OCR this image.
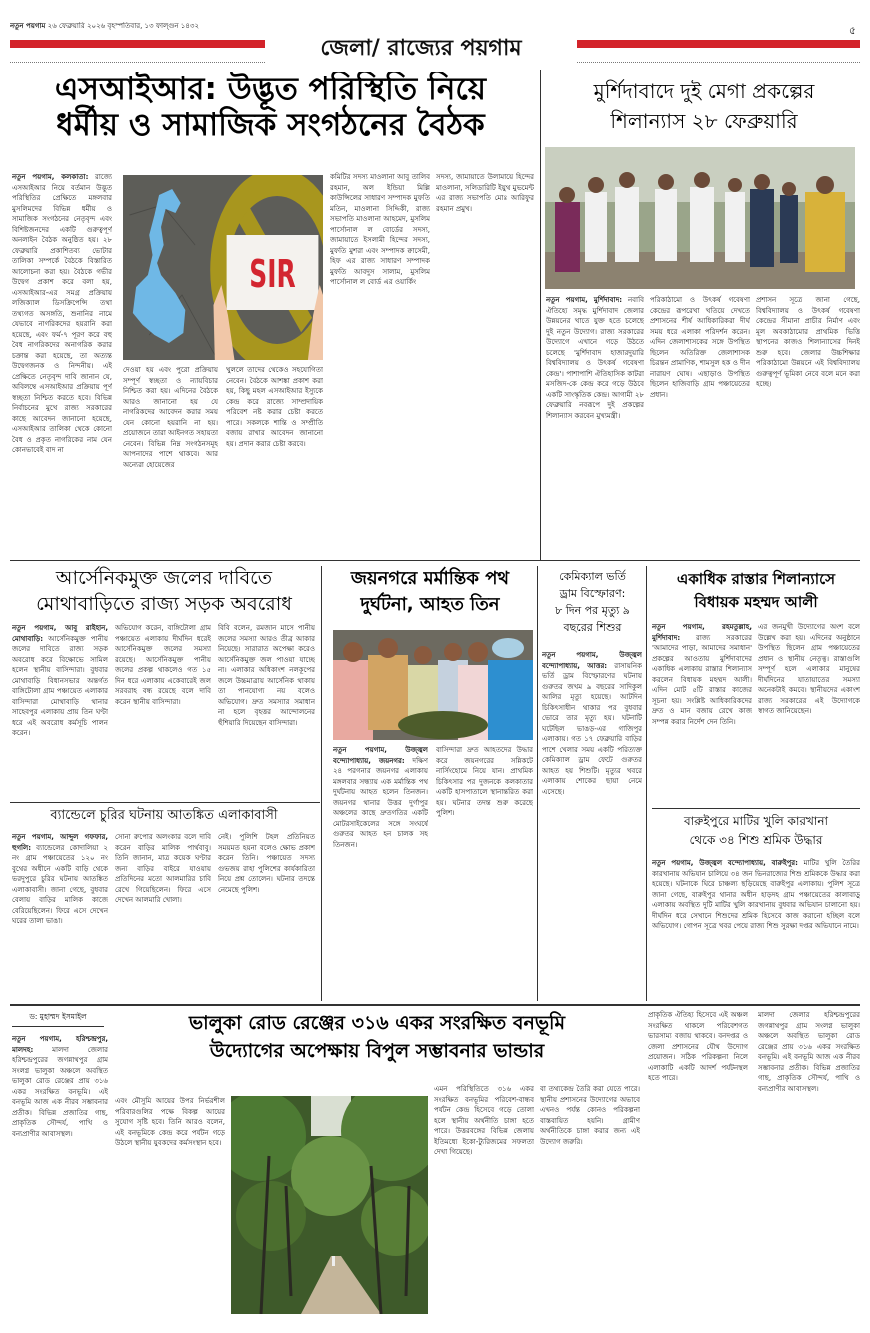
নতুন পয়গাম ২৬ ফেব্রুয়ারি ২০২৬ বৃহস্পতিবার, ১৩ ফাল্গুন ১৪৩২	৫
জেলা/ রাজ্যের পয়গাম
এসআইআর: উদ্ভূত পরিস্থিতি নিয়ে
ধর্মীয় ও সামাজিক সংগঠনের বৈঠক
নতুন পয়গাম, কলকাতা: রাজ্যে এসআইআর নিয়ে বর্তমান উদ্ভূত পরিস্থিতির প্রেক্ষিতে মঙ্গলবার মুসলিমদের বিভিন্ন ধর্মীয় ও সামাজিক সংগঠনের নেতৃবৃন্দ এবং বিশিষ্টজনদের একটি গুরুত্বপূর্ণ অনলাইন বৈঠক অনুষ্ঠিত হয়। ২৮ ফেব্রুয়ারি প্রকাশিতব্য ভোটার তালিকা সম্পর্কে বৈঠকে বিস্তারিত আলোচনা করা হয়। বৈঠকে গভীর উদ্বেগ প্রকাশ করে বলা হয়, এসআইআর-এর সমগ্র প্রক্রিয়ায় লজিক্যাল ডিসক্রিপেন্সি তথা তথ্যগত অসঙ্গতি, শুনানির নামে যেভাবে নাগরিকদের হয়রানি করা হয়েছে, এবং ফর্ম-৭ পূরণ করে বহু বৈধ নাগরিকদের অনাগরিক করার চক্রান্ত করা হয়েছে, তা অত্যন্ত উদ্বেগজনক ও নিন্দনীয়। এই প্রেক্ষিতে নেতৃবৃন্দ দাবি জানান যে, অবিলম্বে এসআইআর প্রক্রিয়ায় পূর্ণ স্বচ্ছতা নিশ্চিত করতে হবে। বিভিন্ন নির্বাচনের মুখে রাজ্য সরকারের কাছে আবেদন জানানো হয়েছে, এসআইআর তালিকা থেকে কোনো বৈধ ও প্রকৃত নাগরিকের নাম যেন কোনভাবেই বাদ না
SIR
দেওয়া হয় এবং পুরো প্রক্রিয়ায় সম্পূর্ণ স্বচ্ছতা ও ন্যায়বিচার নিশ্চিত করা হয়। এদিনের বৈঠকে আরও জানানো হয় যে নাগরিকদের আবেদন করার সময় যেন কোনো হয়রানি না হয়। প্রয়োজনে তারা আইনগত সহায়তা নেবেন। বিভিন্ন নিম্ন সংগঠনসমূহ আপনাদের পাশে থাকবে। আর অন্যেরা হোয়েজের
খুললে তাদের থেকেও সহযোগিতা নেবেন। বৈঠকে আশঙ্কা প্রকাশ করা হয়, কিছু মহল এসআইআর ইস্যুকে কেন্দ্র করে রাজ্যে সাম্প্রদায়িক পরিবেশ নষ্ট করার চেষ্টা করতে পারে। সকলকে শান্তি ও সম্প্রীতি বজায় রাখার আবেদন জানানো হয়। প্রদান করার চেষ্টা করবে।
কমিটির সদস্য মাওলানা আবু তালিব রহমান, অল ইন্ডিয়া মিল্লি কাউন্সিলের সাধারণ সম্পাদক মুফতি মতিন, মাওলানা সিদ্দিকী, রাজ্য সভাপতি মাওলানা আহমেদ, মুসলিম পার্সোনাল ল বোর্ডের সদস্য, জামায়াতে ইসলামী হিন্দের সদস্য, মুফতি মুশরা এবং সম্পাদক ক্বাসেমী, হিফ এর রাজ্য সাধারণ সম্পাদক মুফতি আবদুস সালাম, মুসলিম পার্সোনাল ল বোর্ড এর ওয়ার্কিং
সদস্য, জামায়াতে উলামায়ে হিন্দের মাওলানা, সলিডারিটি ইয়ুথ মুভমেন্ট এর রাজ্য সভাপতি মোঃ আরিফুর রহমান প্রমুখ।
মুর্শিদাবাদে দুই মেগা প্রকল্পের
শিলান্যাস ২৮ ফেব্রুয়ারি
নতুন পয়গাম, মুর্শিদাবাদ: নবাবি ঐতিহ্যে সমৃদ্ধ মুর্শিদাবাদ জেলার উন্নয়নের খাতে যুক্ত হতে চলেছে দুই নতুন উদ্যোগ। রাজ্য সরকারের উদ্যোগে এখানে গড়ে উঠতে চলেছে 'মুর্শিদাবাদ হাজারদুয়ারি বিশ্ববিদ্যালয় ও উৎকর্ষ গবেষণা কেন্দ্র'। পাশাপাশি ঐতিহাসিক কাটরা মসজিদ-কে কেন্দ্র করে গড়ে উঠবে একটি সাংস্কৃতিক কেন্দ্র। আগামী ২৮ ফেব্রুয়ারি নবরূপে দুই প্রকল্পের শিলান্যাস করবেন মুখ্যমন্ত্রী।
পরিকাঠামো ও উৎকর্ষ গবেষণা কেন্দ্রের রূপরেখা খতিয়ে দেখতে প্রশাসনের শীর্ষ আধিকারিকরা দীর্ঘ সময় ধরে এলাকা পরিদর্শন করেন। এদিন জেলাশাসকের সঙ্গে উপস্থিত ছিলেন অতিরিক্ত জেলাশাসক চিরন্তন প্রামাণিক, শামসুল হক ও দীন নারায়ণ ঘোষ। এছাড়াও উপস্থিত ছিলেন হাজিবাড়ি গ্রাম পঞ্চায়েতের প্রধান।
প্রশাসন সূত্রে জানা গেছে, বিশ্ববিদ্যালয় ও উৎকর্ষ গবেষণা কেন্দ্রের সীমানা প্রাচীর নির্মাণ এবং মূল অবকাঠামোর প্রাথমিক ভিত্তি স্থাপনের কাজও শিলান্যাসের দিনই শুরু হবে। জেলার উচ্চশিক্ষার পরিকাঠামো উন্নয়নে এই বিশ্ববিদ্যালয় গুরুত্বপূর্ণ ভূমিকা নেবে বলে মনে করা হচ্ছে।
আর্সেনিকমুক্ত জলের দাবিতে
মোথাবাড়িতে রাজ্য সড়ক অবরোধ
নতুন পয়গাম, আবু রাইহান, মোথাবাড়ি: আর্সেনিকমুক্ত পানীয় জলের দাবিতে রাজ্য সড়ক অবরোধ করে বিক্ষোভে সামিল হলেন স্থানীয় বাসিন্দারা। বুধবার মোথাবাড়ি বিধানসভার অন্তর্গত বাঙ্গিটোলা গ্রাম পঞ্চায়েত এলাকার বাসিন্দারা মোথাবাড়ি থানার সাহেবপুর এলাকায় প্রায় তিন ঘণ্টা ধরে এই অবরোধ কর্মসূচি পালন করেন।
অভিযোগ করেন, বাঙ্গিটোলা গ্রাম পঞ্চায়েত এলাকায় দীর্ঘদিন ধরেই আর্সেনিকমুক্ত জলের সমস্যা রয়েছে। আর্সেনিকমুক্ত পানীয় জলের প্রকল্প থাকলেও গত ১৫ দিন ধরে এলাকায় একেবারেই জল সরবরাহ বন্ধ রয়েছে বলে দাবি করেন স্থানীয় বাসিন্দারা।
বিবি বলেন, রমজান মাসে পানীয় জলের সমস্যা আরও তীব্র আকার নিয়েছে। সারারাত অপেক্ষা করেও আর্সেনিকমুক্ত জল পাওয়া যাচ্ছে না। এলাকার অধিকাংশ নলকূপের জলে উচ্চমাত্রায় আর্সেনিক থাকায় তা পানযোগ্য নয় বলেও অভিযোগ। দ্রুত সমস্যার সমাধান না হলে বৃহত্তর আন্দোলনের হুঁশিয়ারি দিয়েছেন বাসিন্দারা।
জয়নগরে মর্মান্তিক পথ
দুর্ঘটনা, আহত তিন
নতুন পয়গাম, উজ্জ্বল বন্দ্যোপাধ্যায়, জয়নগর: দক্ষিণ ২৪ পরগনার জয়নগর এলাকায় মঙ্গলবার সন্ধ্যায় এক মর্মান্তিক পথ দুর্ঘটনায় আহত হলেন তিনজন। জয়নগর থানার উত্তর দুর্গাপুর অঞ্চলের কাছে দ্রুতগতির একটি মোটরসাইকেলের সঙ্গে সংঘর্ষে গুরুতর আহত হন চালক সহ তিনজন।
বাসিন্দারা দ্রুত আহতদের উদ্ধার করে জয়নগরের সন্নিকটে নার্সিংহোমে নিয়ে যান। প্রাথমিক চিকিৎসার পর দুজনকে কলকাতার একটি হাসপাতালে স্থানান্তরিত করা হয়। ঘটনার তদন্ত শুরু করেছে পুলিশ।
কেমিক্যাল ভর্তি
ড্রাম বিস্ফোরণ:
৮ দিন পর মৃত্যু ৯
বছরের শিশুর
নতুন পয়গাম, উজ্জ্বল বন্দ্যোপাধ্যায়, আত্তর: রাসায়নিক ভর্তি ড্রাম বিস্ফোরণের ঘটনায় গুরুতর জখম ৯ বছরের সাদিকুল আলির মৃত্যু হয়েছে। আটদিন চিকিৎসাধীন থাকার পর বুধবার ভোরে তার মৃত্যু হয়। ঘটনাটি ঘটেছিল ভাঙড়-এর গাজিপুর এলাকায়। গত ১৭ ফেব্রুয়ারি বাড়ির পাশে খেলার সময় একটি পরিত্যক্ত কেমিক্যাল ড্রাম ফেটে গুরুতর আহত হয় শিশুটি। মৃত্যুর খবরে এলাকায় শোকের ছায়া নেমে এসেছে।
একাধিক রাস্তার শিলান্যাসে
বিধায়ক মহম্মদ আলী
নতুন পয়গাম, রহমতুল্লাহ, মুর্শিদাবাদ: রাজ্য সরকারের 'আমাদের পাড়া, আমাদের সমাধান' প্রকল্পের আওতায় মুর্শিদাবাদের একাধিক এলাকায় রাস্তার শিলান্যাস করলেন বিধায়ক মহম্মদ আলী। এদিন মোট ৫টি রাস্তার কাজের সূচনা হয়। সংশ্লিষ্ট আধিকারিকদের দ্রুত ও মান বজায় রেখে কাজ সম্পন্ন করার নির্দেশ দেন তিনি।
এর জনমুখী উদ্যোগের অংশ বলে উল্লেখ করা হয়। এদিনের অনুষ্ঠানে উপস্থিত ছিলেন গ্রাম পঞ্চায়েতের প্রধান ও স্থানীয় নেতৃত্ব। রাস্তাগুলি সম্পূর্ণ হলে এলাকার মানুষের দীর্ঘদিনের যাতায়াতের সমস্যা অনেকটাই কমবে। স্থানীয়দের একাংশ রাজ্য সরকারের এই উদ্যোগকে স্বাগত জানিয়েছেন।
বারুইপুরে মাটির খুলি কারখানা
থেকে ৩৪ শিশু শ্রমিক উদ্ধার
নতুন পয়গাম, উজ্জ্বল বন্দ্যোপাধ্যায়, বারুইপুর: মাটির খুলি তৈরির কারখানায় অভিযান চালিয়ে ৩৪ জন ভিনরাজ্যের শিশু শ্রমিককে উদ্ধার করা হয়েছে। ঘটনাকে ঘিরে চাঞ্চল্য ছড়িয়েছে বারুইপুর এলাকায়। পুলিশ সূত্রে জানা গেছে, বারুইপুর থানার অধীন হাড়দহ গ্রাম পঞ্চায়েতের কালাবাড়ু এলাকায় অবস্থিত দুটি মাটির খুলি কারখানায় বুধবার অভিযান চালানো হয়। দীর্ঘদিন ধরে সেখানে শিশুদের শ্রমিক হিসেবে কাজ করানো হচ্ছিল বলে অভিযোগ। গোপন সূত্রে খবর পেয়ে রাজ্য শিশু সুরক্ষা দপ্তর অভিযানে নামে।
ব্যান্ডেলে চুরির ঘটনায় আতঙ্কিত এলাকাবাসী
নতুন পয়গাম, আব্দুল গফফার, হুগলি: ব্যান্ডেলের কোদালিয়া ২ নং গ্রাম পঞ্চায়েতের ১২০ নং বুথের অধীনে একটি বাড়ি থেকে ভরদুপুরে চুরির ঘটনায় আতঙ্কিত এলাকাবাসী। জানা গেছে, বুধবার বেলায় বাড়ির মালিক কাজে বেরিয়েছিলেন। ফিরে এসে দেখেন ঘরের তালা ভাঙা।
সোনা রুপোর অলংকার বলে দাবি করেন বাড়ির মালিক পার্থবাবু। তিনি জানান, মাত্র কয়েক ঘণ্টার জন্য বাড়ির বাইরে যাওয়ায় প্রতিদিনের মতো আলমারির চাবি রেখে গিয়েছিলেন। ফিরে এসে দেখেন আলমারি খোলা।
নেই। পুলিশি টহল প্রতিনিয়ত সময়মত হয়না বলেও ক্ষোভ প্রকাশ করেন তিনি। পঞ্চায়েত সদস্য গুভজয় রাহা পুলিশের কার্যকারিতা নিয়ে প্রশ্ন তোলেন। ঘটনার তদন্তে নেমেছে পুলিশ।
ড: মুহাম্মদ ইসমাইল	ভালুকা রোড রেঞ্জের ৩১৬ একর সংরক্ষিত বনভূমি
উদ্যোগের অপেক্ষায় বিপুল সম্ভাবনার ভান্ডার
নতুন পয়গাম, হরিশ্চন্দ্রপুর, মালদহ:	মালদা জেলার হরিশ্চন্দ্রপুরের জগন্নাথপুর গ্রাম সংলগ্ন ভালুকা অঞ্চলে অবস্থিত ভালুকা রোড রেঞ্জের প্রায় ৩১৬ একর সংরক্ষিত বনভূমি। এই বনভূমি আজ এক নীরব সম্ভাবনার প্রতীক। বিভিন্ন প্রজাতির গাছ, প্রাকৃতিক সৌন্দর্য, পাখি ও বন্যপ্রাণীর আবাসস্থল।
এবং মৌসুমি আয়ের উপর নির্ভরশীল পরিবারগুলির পক্ষে বিকল্প আয়ের সুযোগ সৃষ্টি হবে। তিনি আরও বলেন, এই বনভূমিকে কেন্দ্র করে পর্যটন গড়ে উঠলে স্থানীয় যুবকদের কর্মসংস্থান হবে।
এমন পরিস্থিতিতে ৩১৬ একর সংরক্ষিত বনভূমির পরিবেশ-বান্ধব পর্যটন কেন্দ্র হিসেবে গড়ে তোলা হলে স্থানীয় অর্থনীতি চাঙ্গা হতে পারে। উত্তরবঙ্গের বিভিন্ন জেলায় ইতিমধ্যে ইকো-ট্যুরিজমের সফলতা দেখা গিয়েছে।
বা তথ্যকেন্দ্র তৈরি করা যেতে পারে। স্থানীয় প্রশাসনের উদ্যোগের অভাবে এখনও পর্যন্ত কোনও পরিকল্পনা বাস্তবায়িত হয়নি। গ্রামীণ অর্থনীতিকে চাঙ্গা করার জন্য এই উদ্যোগ জরুরি।
প্রাকৃতিক ঐতিহ্য হিসেবে এই অঞ্চল সংরক্ষিত থাকলে পরিবেশগত ভারসাম্য বজায় থাকবে। বনদপ্তর ও জেলা প্রশাসনের যৌথ উদ্যোগ প্রয়োজন। সঠিক পরিকল্পনা নিলে এলাকাটি একটি আদর্শ পর্যটনস্থল হতে পারে।
মালদা জেলার হরিশ্চন্দ্রপুরের জগন্নাথপুর গ্রাম সংলগ্ন ভালুকা অঞ্চলে অবস্থিত ভালুকা রোড রেঞ্জের প্রায় ৩১৬ একর সংরক্ষিত বনভূমি। এই বনভূমি আজ এক নীরব সম্ভাবনার প্রতীক। বিভিন্ন প্রজাতির গাছ, প্রাকৃতিক সৌন্দর্য, পাখি ও বন্যপ্রাণীর আবাসস্থল।
